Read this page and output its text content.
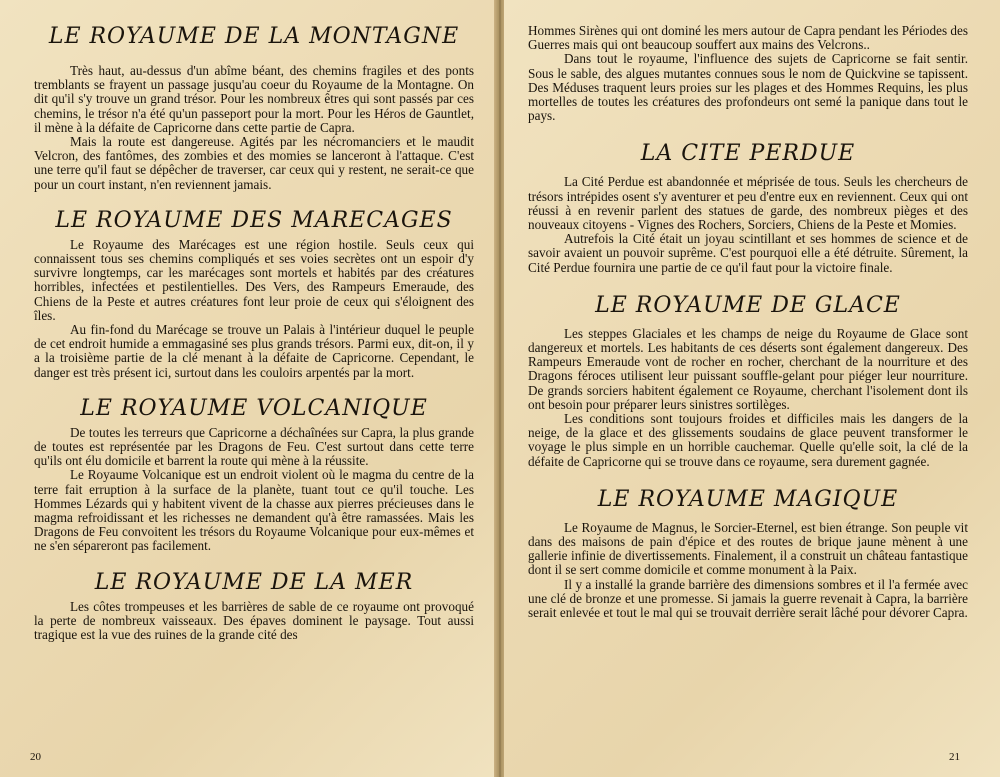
LE ROYAUME DE LA MONTAGNE

Très haut, au-dessus d'un abîme béant, des chemins fragiles et des ponts tremblants se frayent un passage jusqu'au coeur du Royaume de la Montagne. On dit qu'il s'y trouve un grand trésor. Pour les nombreux êtres qui sont passés par ces chemins, le trésor n'a été qu'un passeport pour la mort. Pour les Héros de Gauntlet, il mène à la défaite de Capricorne dans cette partie de Capra.

Mais la route est dangereuse. Agités par les nécromanciers et le maudit Velcron, des fantômes, des zombies et des momies se lanceront à l'attaque. C'est une terre qu'il faut se dépêcher de traverser, car ceux qui y restent, ne serait-ce que pour un court instant, n'en reviennent jamais.

LE ROYAUME DES MARECAGES

Le Royaume des Marécages est une région hostile. Seuls ceux qui connaissent tous ses chemins compliqués et ses voies secrètes ont un espoir d'y survivre longtemps, car les marécages sont mortels et habités par des créatures horribles, infectées et pestilentielles. Des Vers, des Rampeurs Emeraude, des Chiens de la Peste et autres créatures font leur proie de ceux qui s'éloignent des îles.

Au fin-fond du Marécage se trouve un Palais à l'intérieur duquel le peuple de cet endroit humide a emmagasiné ses plus grands trésors. Parmi eux, dit-on, il y a la troisième partie de la clé menant à la défaite de Capricorne. Cependant, le danger est très présent ici, surtout dans les couloirs arpentés par la mort.

LE ROYAUME VOLCANIQUE

De toutes les terreurs que Capricorne a déchaînées sur Capra, la plus grande de toutes est représentée par les Dragons de Feu. C'est surtout dans cette terre qu'ils ont élu domicile et barrent la route qui mène à la réussite.

Le Royaume Volcanique est un endroit violent où le magma du centre de la terre fait erruption à la surface de la planète, tuant tout ce qu'il touche. Les Hommes Lézards qui y habitent vivent de la chasse aux pierres précieuses dans le magma refroidissant et les richesses ne demandent qu'à être ramassées. Mais les Dragons de Feu convoitent les trésors du Royaume Volcanique pour eux-mêmes et ne s'en sépareront pas facilement.

LE ROYAUME DE LA MER

Les côtes trompeuses et les barrières de sable de ce royaume ont provoqué la perte de nombreux vaisseaux. Des épaves dominent le paysage. Tout aussi tragique est la vue des ruines de la grande cité des

20

Hommes Sirènes qui ont dominé les mers autour de Capra pendant les Périodes des Guerres mais qui ont beaucoup souffert aux mains des Velcrons..

Dans tout le royaume, l'influence des sujets de Capricorne se fait sentir. Sous le sable, des algues mutantes connues sous le nom de Quickvine se tapissent. Des Méduses traquent leurs proies sur les plages et des Hommes Requins, les plus mortelles de toutes les créatures des profondeurs ont semé la panique dans tout le pays.

LA CITE PERDUE

La Cité Perdue est abandonnée et méprisée de tous. Seuls les chercheurs de trésors intrépides osent s'y aventurer et peu d'entre eux en reviennent. Ceux qui ont réussi à en revenir parlent des statues de garde, des nombreux pièges et des nouveaux citoyens - Vignes des Rochers, Sorciers, Chiens de la Peste et Momies.

Autrefois la Cité était un joyau scintillant et ses hommes de science et de savoir avaient un pouvoir suprême. C'est pourquoi elle a été détruite. Sûrement, la Cité Perdue fournira une partie de ce qu'il faut pour la victoire finale.

LE ROYAUME DE GLACE

Les steppes Glaciales et les champs de neige du Royaume de Glace sont dangereux et mortels. Les habitants de ces déserts sont également dangereux. Des Rampeurs Emeraude vont de rocher en rocher, cherchant de la nourriture et des Dragons féroces utilisent leur puissant souffle-gelant pour piéger leur nourriture. De grands sorciers habitent également ce Royaume, cherchant l'isolement dont ils ont besoin pour préparer leurs sinistres sortilèges.

Les conditions sont toujours froides et difficiles mais les dangers de la neige, de la glace et des glissements soudains de glace peuvent transformer le voyage le plus simple en un horrible cauchemar. Quelle qu'elle soit, la clé de la défaite de Capricorne qui se trouve dans ce royaume, sera durement gagnée.

LE ROYAUME MAGIQUE

Le Royaume de Magnus, le Sorcier-Eternel, est bien étrange. Son peuple vit dans des maisons de pain d'épice et des routes de brique jaune mènent à une gallerie infinie de divertissements. Finalement, il a construit un château fantastique dont il se sert comme domicile et comme monument à la Paix.

Il y a installé la grande barrière des dimensions sombres et il l'a fermée avec une clé de bronze et une promesse. Si jamais la guerre revenait à Capra, la barrière serait enlevée et tout le mal qui se trouvait derrière serait lâché pour dévorer Capra.

21
